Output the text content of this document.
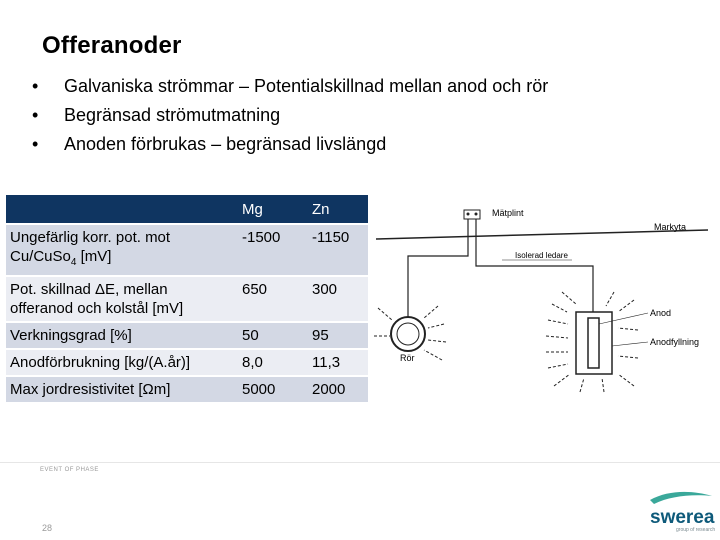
Offeranoder
• Galvaniska strömmar – Potentialskillnad mellan anod och rör
• Begränsad strömutmatning
• Anoden förbrukas – begränsad livslängd
	Mg	Zn
Ungefärlig korr. pot. mot Cu/CuSo$_4$ [mV]	-1500	-1150
Pot. skillnad ΔE, mellan offeranod och kolstål [mV]	650	300
Verkningsgrad [%]	50	95
Anodförbrukning [kg/(A.år)]	8,0	11,3
Max jordresistivitet [Ωm]	5000	2000
Mätplint
Markyta
Isolerad ledare
Rör
Anod
Anodfyllning
EVENT OF PHASE
28	swerea
group of research
